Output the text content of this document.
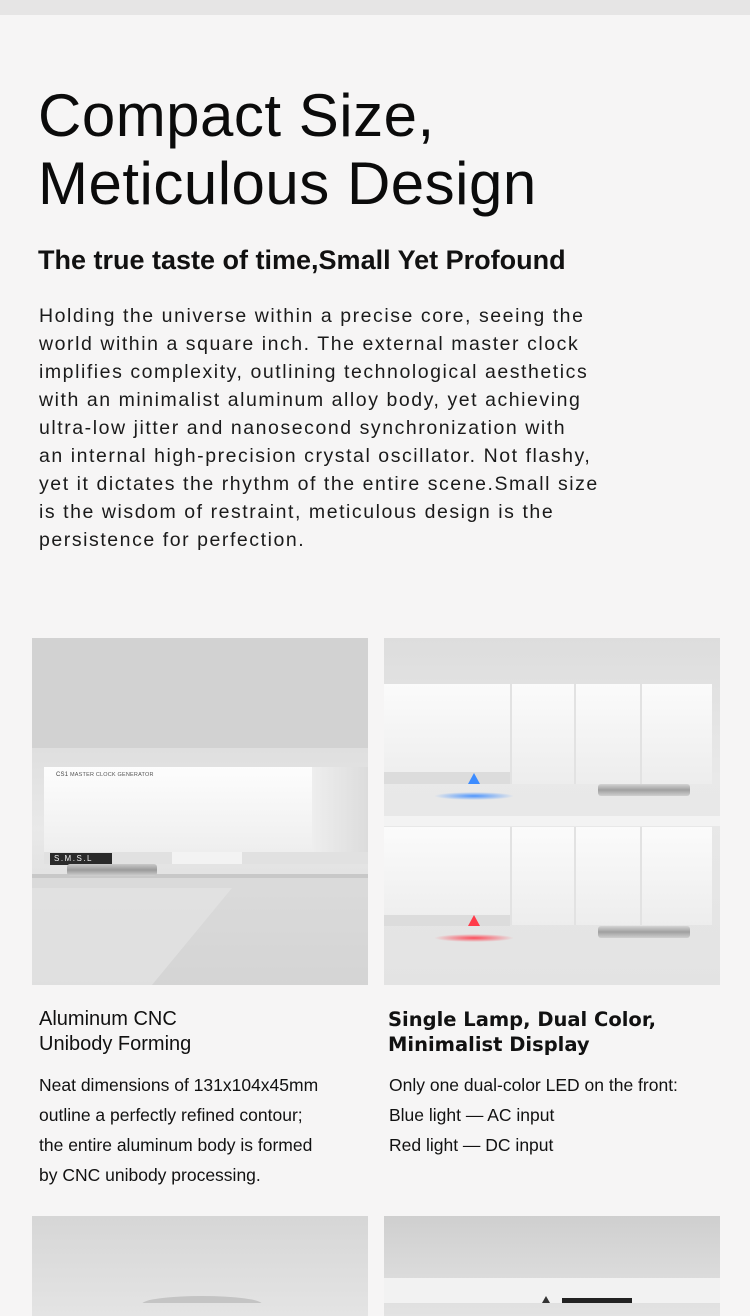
Compact Size,
Meticulous Design
The true taste of time,Small Yet Profound

Holding the universe within a precise core, seeing the
world within a square inch. The external master clock
implifies complexity, outlining technological aesthetics
with an minimalist aluminum alloy body, yet achieving
ultra-low jitter and nanosecond synchronization with
an internal high-precision crystal oscillator. Not flashy,
yet it dictates the rhythm of the entire scene.Small size
is the wisdom of restraint, meticulous design is the
persistence for perfection.

CS1 MASTER CLOCK GENERATOR
S.M.S.L
Aluminum CNC
Unibody Forming

Neat dimensions of 131x104x45mm
outline a perfectly refined contour;
the entire aluminum body is formed
by CNC unibody processing.

Single Lamp, Dual Color,
Minimalist Display

Only one dual-color LED on the front:
Blue light — AC input
Red light — DC input
